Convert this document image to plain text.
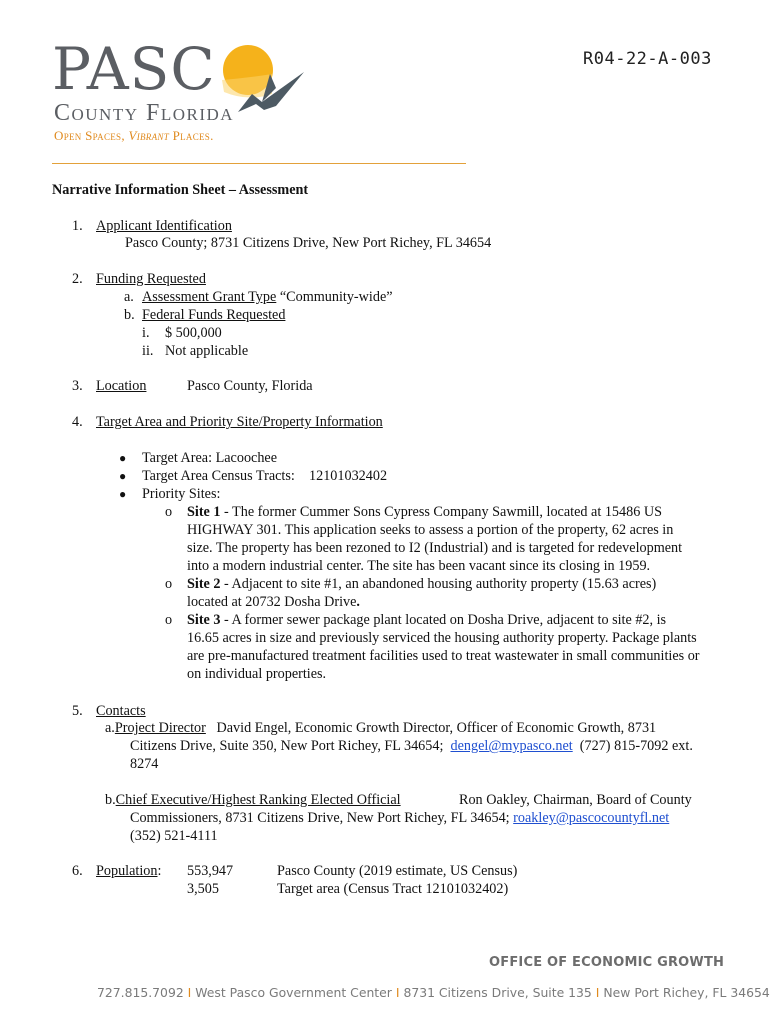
PASC
County Florida
Open Spaces, Vibrant Places.
R04-22-A-003
Narrative Information Sheet – Assessment
1. Applicant Identification
Pasco County; 8731 Citizens Drive, New Port Richey, FL 34654
2. Funding Requested
a. Assessment Grant Type “Community-wide”
b. Federal Funds Requested
i. $ 500,000
ii. Not applicable
3. Location	Pasco County, Florida
4. Target Area and Priority Site/Property Information
● Target Area: Lacoochee
● Target Area Census Tracts:    12101032402
● Priority Sites:
o Site 1 - The former Cummer Sons Cypress Company Sawmill, located at 15486 US
HIGHWAY 301. This application seeks to assess a portion of the property, 62 acres in
size. The property has been rezoned to I2 (Industrial) and is targeted for redevelopment
into a modern industrial center. The site has been vacant since its closing in 1959.
o Site 2 - Adjacent to site #1, an abandoned housing authority property (15.63 acres)
located at 20732 Dosha Drive.
o Site 3 - A former sewer package plant located on Dosha Drive, adjacent to site #2, is
16.65 acres in size and previously serviced the housing authority property. Package plants
are pre-manufactured treatment facilities used to treat wastewater in small communities or
on individual properties.
5. Contacts
a.Project Director   David Engel, Economic Growth Director, Officer of Economic Growth, 8731
Citizens Drive, Suite 350, New Port Richey, FL 34654;  dengel@mypasco.net  (727) 815-7092 ext.
8274
b.Chief Executive/Highest Ranking Elected Official	Ron Oakley, Chairman, Board of County
Commissioners, 8731 Citizens Drive, New Port Richey, FL 34654; roakley@pascocountyfl.net
(352) 521-4111
6. Population: 553,947	Pasco County (2019 estimate, US Census)
3,505	Target area (Census Tract 12101032402)
OFFICE OF ECONOMIC GROWTH
727.815.7092 I West Pasco Government Center I 8731 Citizens Drive, Suite 135 I New Port Richey, FL 34654
